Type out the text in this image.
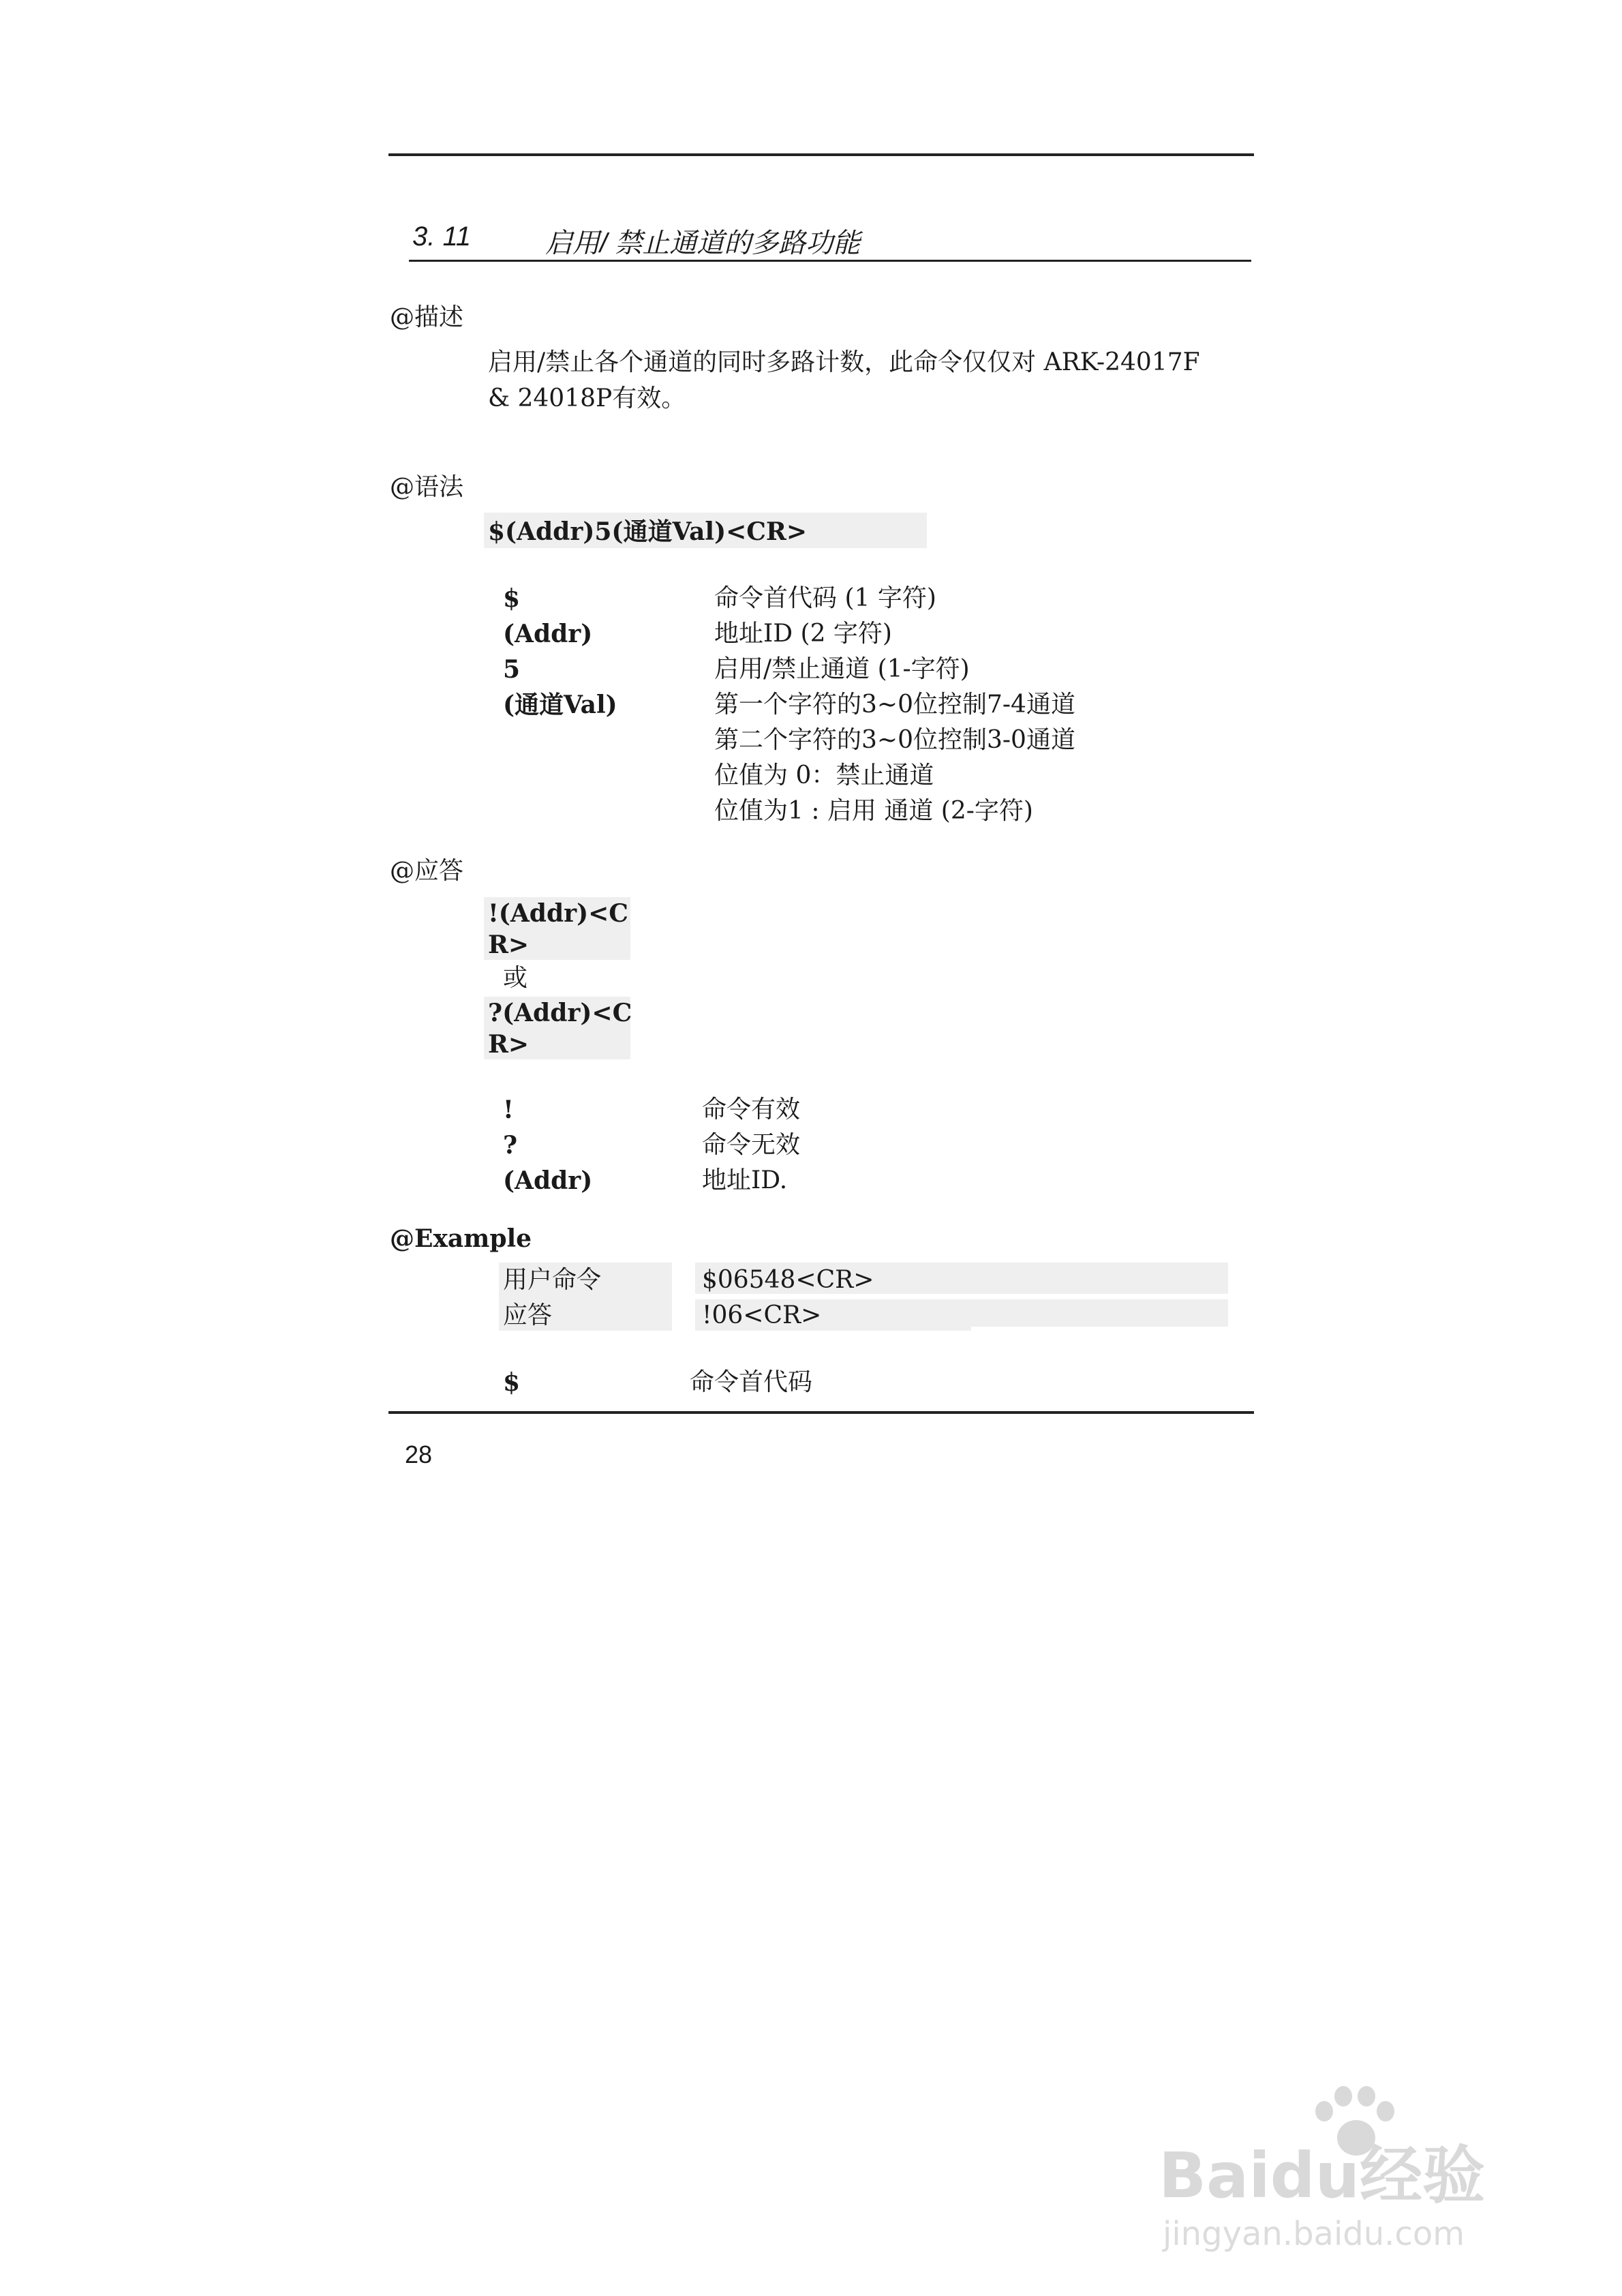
3. 11	启用/ 禁止通道的多路功能
@描述
启用/禁止各个通道的同时多路计数，此命令仅仅对 ARK-24017F
& 24018P有效。
@语法
$(Addr)5(通道Val)<CR>
$	命令首代码 (1 字符)
(Addr)	地址ID (2 字符)
5	启用/禁止通道 (1-字符)
(通道Val)	第一个字符的3~0位控制7-4通道
第二个字符的3~0位控制3-0通道
位值为 0：禁止通道
位值为1 : 启用 通道 (2-字符)
@应答
!(Addr)<C
R>
或
?(Addr)<C
R>
!	命令有效
?	命令无效
(Addr)	地址ID.
@Example
用户命令	$06548<CR>
应答	!06<CR>
$	命令首代码
28
Baidu经验
jingyan.baidu.com
